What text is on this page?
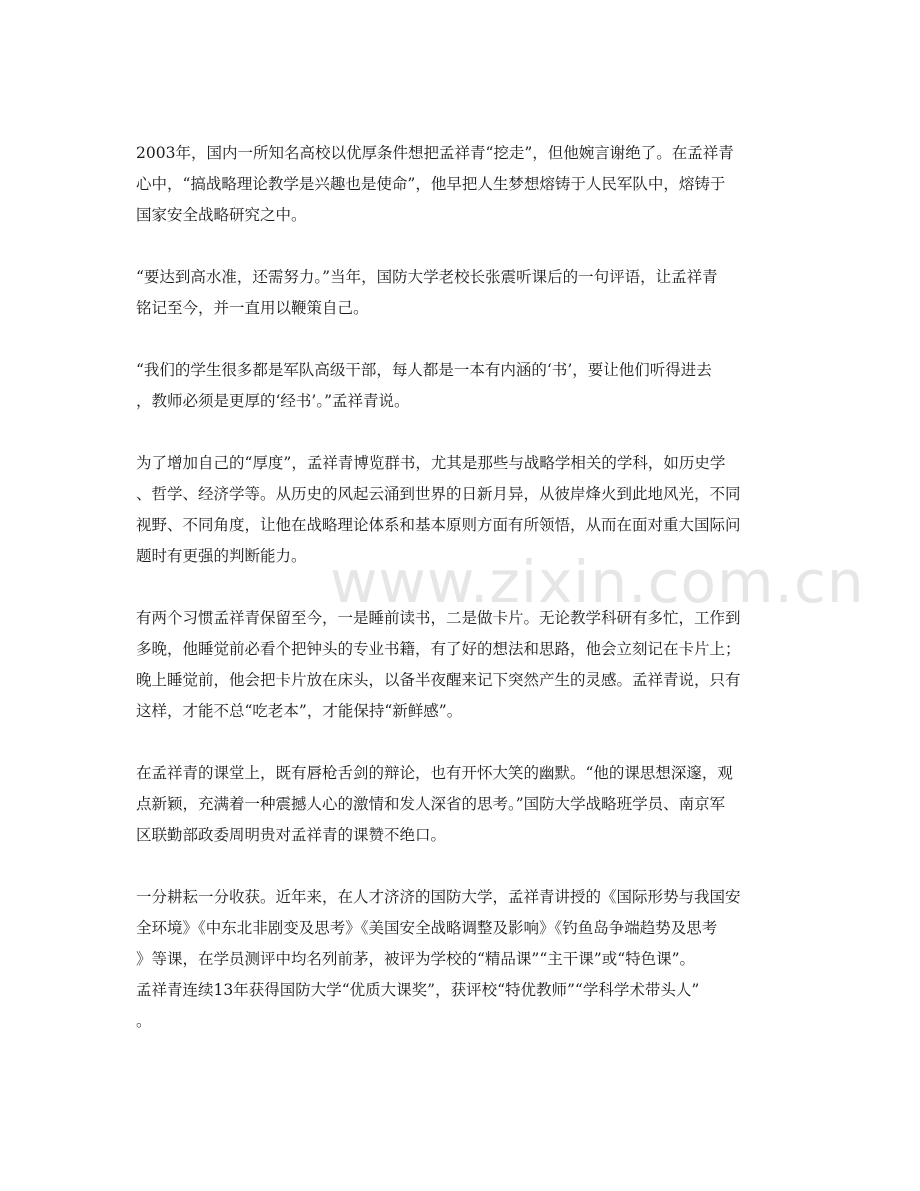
2003年，国内一所知名高校以优厚条件想把孟祥青“挖走”，但他婉言谢绝了。在孟祥青
心中，“搞战略理论教学是兴趣也是使命”，他早把人生梦想熔铸于人民军队中，熔铸于
国家安全战略研究之中。

“要达到高水准，还需努力。”当年，国防大学老校长张震听课后的一句评语，让孟祥青
铭记至今，并一直用以鞭策自己。

“我们的学生很多都是军队高级干部，每人都是一本有内涵的‘书’，要让他们听得进去
，教师必须是更厚的‘经书’。”孟祥青说。

为了增加自己的“厚度”，孟祥青博览群书，尤其是那些与战略学相关的学科，如历史学
、哲学、经济学等。从历史的风起云涌到世界的日新月异，从彼岸烽火到此地风光，不同
视野、不同角度，让他在战略理论体系和基本原则方面有所领悟，从而在面对重大国际问
题时有更强的判断能力。

有两个习惯孟祥青保留至今，一是睡前读书，二是做卡片。无论教学科研有多忙，工作到
多晚，他睡觉前必看个把钟头的专业书籍，有了好的想法和思路，他会立刻记在卡片上；
晚上睡觉前，他会把卡片放在床头，以备半夜醒来记下突然产生的灵感。孟祥青说，只有
这样，才能不总“吃老本”，才能保持“新鲜感”。

在孟祥青的课堂上，既有唇枪舌剑的辩论，也有开怀大笑的幽默。“他的课思想深邃，观
点新颖，充满着一种震撼人心的激情和发人深省的思考。”国防大学战略班学员、南京军
区联勤部政委周明贵对孟祥青的课赞不绝口。

一分耕耘一分收获。近年来，在人才济济的国防大学，孟祥青讲授的《国际形势与我国安
全环境》《中东北非剧变及思考》《美国安全战略调整及影响》《钓鱼岛争端趋势及思考
》等课，在学员测评中均名列前茅，被评为学校的“精品课”“主干课”或“特色课”。
孟祥青连续13年获得国防大学“优质大课奖”，获评校“特优教师”“学科学术带头人”
。

www.zixin.com.cn
